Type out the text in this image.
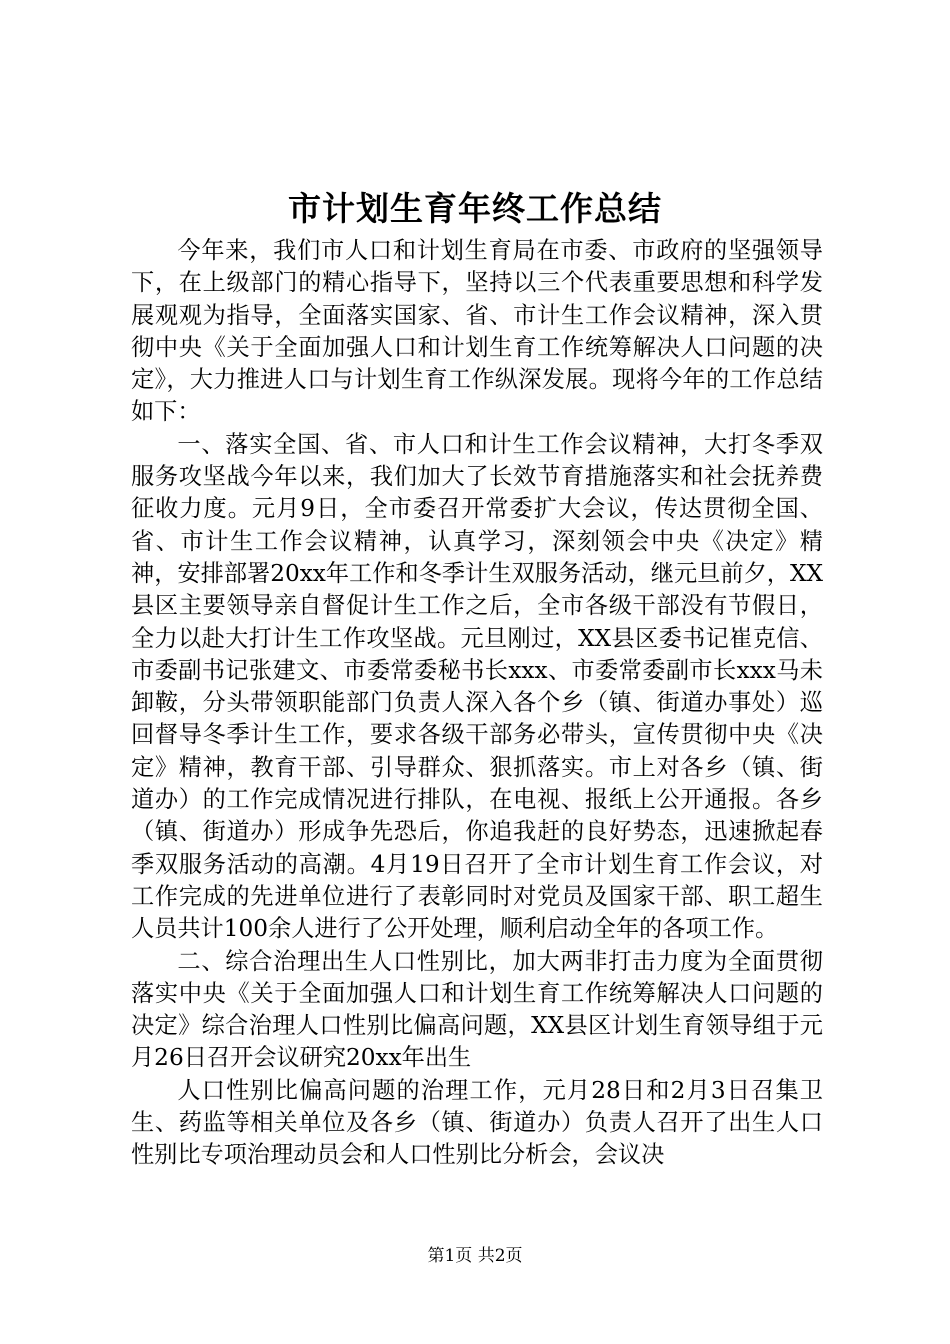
市计划生育年终工作总结

今年来，我们市人口和计划生育局在市委、市政府的坚强领导下，在上级部门的精心指导下，坚持以三个代表重要思想和科学发展观观为指导，全面落实国家、省、市计生工作会议精神，深入贯彻中央《关于全面加强人口和计划生育工作统筹解决人口问题的决定》，大力推进人口与计划生育工作纵深发展。现将今年的工作总结如下：

一、落实全国、省、市人口和计生工作会议精神，大打冬季双服务攻坚战今年以来，我们加大了长效节育措施落实和社会抚养费征收力度。元月9日，全市委召开常委扩大会议，传达贯彻全国、省、市计生工作会议精神，认真学习，深刻领会中央《决定》精神，安排部署20xx年工作和冬季计生双服务活动，继元旦前夕，XX县区主要领导亲自督促计生工作之后，全市各级干部没有节假日，全力以赴大打计生工作攻坚战。元旦刚过，XX县区委书记崔克信、市委副书记张建文、市委常委秘书长xxx、市委常委副市长xxx马未卸鞍，分头带领职能部门负责人深入各个乡（镇、街道办事处）巡回督导冬季计生工作，要求各级干部务必带头，宣传贯彻中央《决定》精神，教育干部、引导群众、狠抓落实。市上对各乡（镇、街道办）的工作完成情况进行排队，在电视、报纸上公开通报。各乡（镇、街道办）形成争先恐后，你追我赶的良好势态，迅速掀起春季双服务活动的高潮。4月19日召开了全市计划生育工作会议，对工作完成的先进单位进行了表彰同时对党员及国家干部、职工超生人员共计100余人进行了公开处理，顺利启动全年的各项工作。

二、综合治理出生人口性别比，加大两非打击力度为全面贯彻落实中央《关于全面加强人口和计划生育工作统筹解决人口问题的决定》综合治理人口性别比偏高问题，XX县区计划生育领导组于元月26日召开会议研究20xx年出生

人口性别比偏高问题的治理工作，元月28日和2月3日召集卫生、药监等相关单位及各乡（镇、街道办）负责人召开了出生人口性别比专项治理动员会和人口性别比分析会，会议决

第1页 共2页
